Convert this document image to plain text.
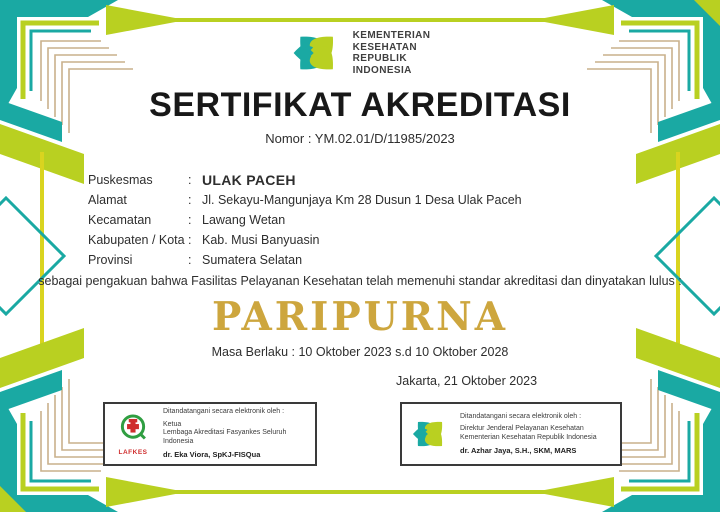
KEMENTERIAN
KESEHATAN
REPUBLIK
INDONESIA
SERTIFIKAT AKREDITASI
Nomor : YM.02.01/D/11985/2023
Puskesmas	: ULAK PACEH
Alamat	: Jl. Sekayu-Mangunjaya Km 28 Dusun 1 Desa Ulak Paceh
Kecamatan	: Lawang Wetan
Kabupaten / Kota : Kab. Musi Banyuasin
Provinsi	: Sumatera Selatan
sebagai pengakuan bahwa Fasilitas Pelayanan Kesehatan telah memenuhi standar akreditasi dan dinyatakan lulus :
PARIPURNA
Masa Berlaku : 10 Oktober 2023 s.d 10 Oktober 2028
Jakarta, 21 Oktober 2023
LAFKES
Ditandatangani secara elektronik oleh :
Ketua
Lembaga Akreditasi Fasyankes Seluruh Indonesia
dr. Eka Viora, SpKJ-FISQua
Ditandatangani secara elektronik oleh :
Direktur Jenderal Pelayanan Kesehatan
Kementerian Kesehatan Republik Indonesia
dr. Azhar Jaya, S.H., SKM, MARS
